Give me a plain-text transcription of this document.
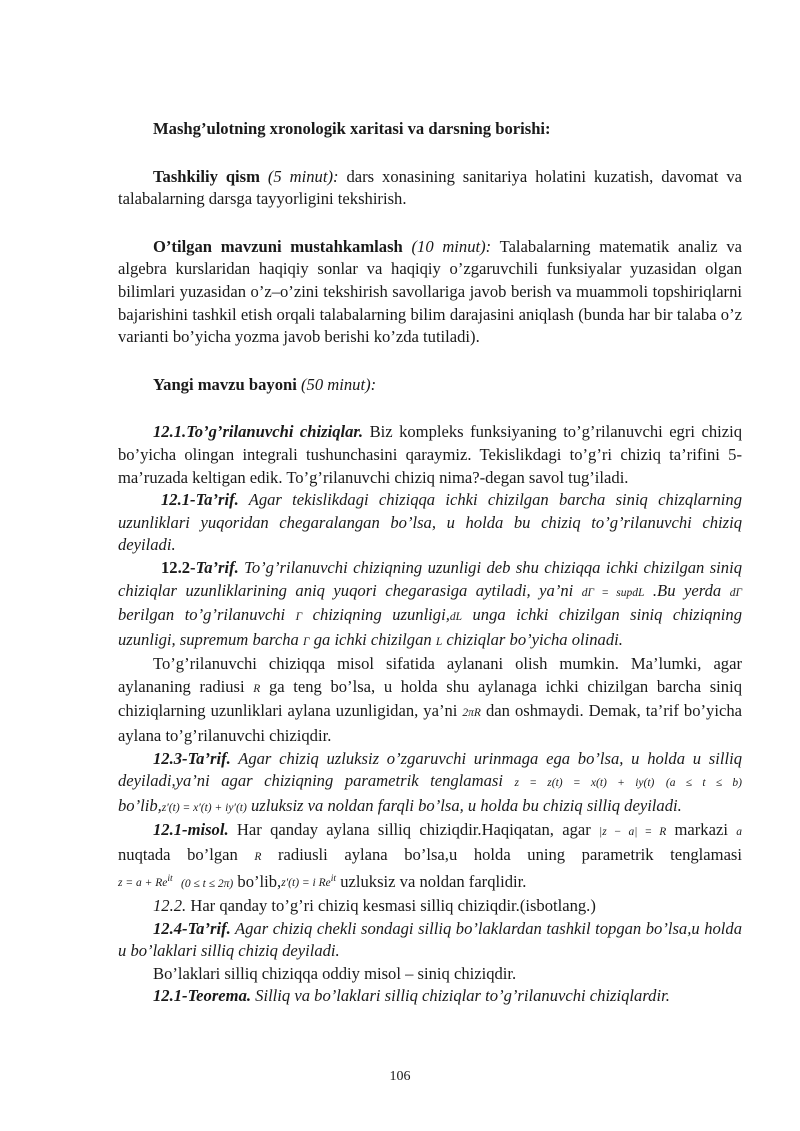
Mashg’ulotning xronologik xaritasi va darsning borishi:

Tashkiliy qism (5 minut): dars xonasining sanitariya holatini kuzatish, davomat va talabalarning darsga tayyorligini tekshirish.

O’tilgan mavzuni mustahkamlash (10 minut): Talabalarning matematik analiz va algebra kurslaridan haqiqiy sonlar va haqiqiy o’zgaruvchili funksiyalar yuzasidan olgan bilimlari yuzasidan o’z–o’zini tekshirish savollariga javob berish va muammoli topshiriqlarni bajarishini tashkil etish orqali talabalarning bilim darajasini aniqlash (bunda har bir talaba o’z varianti bo’yicha yozma javob berishi ko’zda tutiladi).

Yangi mavzu bayoni (50 minut):

12.1.To’g’rilanuvchi chiziqlar. Biz kompleks funksiyaning to’g’rilanuvchi egri chiziq bo’yicha olingan integrali tushunchasini qaraymiz. Tekislikdagi to’g’ri chiziq ta’rifini 5-ma’ruzada keltigan edik. To’g’rilanuvchi chiziq nima?-degan savol tug’iladi.

12.1-Ta’rif. Agar tekislikdagi chiziqqa ichki chizilgan barcha siniq chizqlarning uzunliklari yuqoridan chegaralangan bo’lsa, u holda bu chiziq to’g’rilanuvchi chiziq deyiladi.

12.2-Ta’rif. To’g’rilanuvchi chiziqning uzunligi deb shu chiziqqa ichki chizilgan siniq chiziqlar uzunliklarining aniq yuqori chegarasiga aytiladi, ya’ni dΓ = supdL .Bu yerda dΓ berilgan to’g’rilanuvchi Γ chiziqning uzunligi,dL unga ichki chizilgan siniq chiziqning uzunligi, supremum barcha Γ ga ichki chizilgan L chiziqlar bo’yicha olinadi.

To’g’rilanuvchi chiziqqa misol sifatida aylanani olish mumkin. Ma’lumki, agar aylananing radiusi R ga teng bo’lsa, u holda shu aylanaga ichki chizilgan barcha siniq chiziqlarning uzunliklari aylana uzunligidan, ya’ni 2πR dan oshmaydi. Demak, ta’rif bo’yicha aylana to’g’rilanuvchi chiziqdir.

12.3-Ta’rif. Agar chiziq uzluksiz o’zgaruvchi urinmaga ega bo’lsa, u holda u silliq deyiladi,ya’ni agar chiziqning parametrik tenglamasi z = z(t) = x(t) + iy(t) (a ≤ t ≤ b) bo’lib,z′(t) = x′(t) + iy′(t) uzluksiz va noldan farqli bo’lsa, u holda bu chiziq silliq deyiladi.

12.1-misol. Har qanday aylana silliq chiziqdir.Haqiqatan, agar |z − a| = R markazi a nuqtada bo’lgan R radiusli aylana bo’lsa,u holda uning parametrik tenglamasi $z = a + Re^{it}$ (0 ≤ t ≤ 2π) bo’lib,z′(t) = i $Re^{it}$ uzluksiz va noldan farqlidir.

12.2. Har qanday to’g’ri chiziq kesmasi silliq chiziqdir.(isbotlang.)

12.4-Ta’rif. Agar chiziq chekli sondagi silliq bo’laklardan tashkil topgan bo’lsa,u holda u bo’laklari silliq chiziq deyiladi.

Bo’laklari silliq chiziqqa oddiy misol – siniq chiziqdir.

12.1-Teorema. Silliq va bo’laklari silliq chiziqlar to’g’rilanuvchi chiziqlardir.

106
